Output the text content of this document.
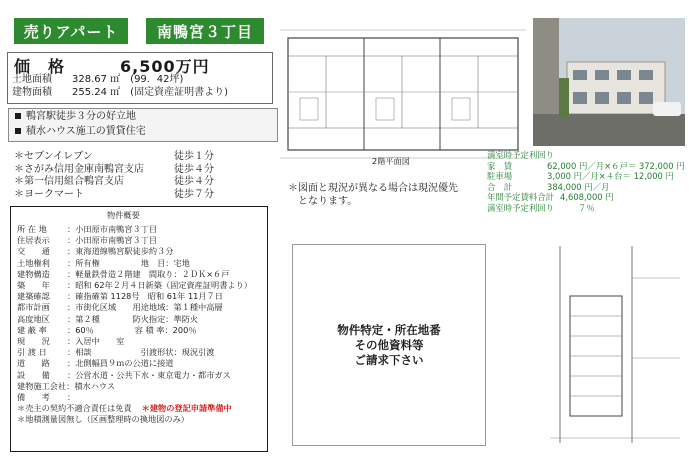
売りアパート	南鴨宮３丁目
価　格	6,500万円
土地面積 328.67 ㎡　(99．42坪)
建物面積 255.24 ㎡　(固定資産証明書より)
鴨宮駅徒歩３分の好立地
積水ハウス施工の賃貸住宅
＊セブンイレブン	徒歩１分
＊さがみ信用金庫南鴨宮支店	徒歩４分
＊第一信用組合鴨宮支店	徒歩４分
＊ヨークマート	徒歩７分
2階平面図
＊図面と現況が異なる場合は現況優先
となります。
満室時予定利回り
家　賃	62,000 円／月×６戸＝ 372,000 円
駐車場	3,000 円／月×４台＝ 12,000 円
合　計	384,000 円／月
年間予定賃料合計 4,608,000 円
満室時予定利回り	７％
物件概要
所 在 地	：小田原市南鴨宮３丁目
住居表示	：小田原市南鴨宮３丁目
交　　通	：東海道線鴨宮駅徒歩約３分
土地権利	：所有権　　　　　地　目：宅地
建物構造	：軽量鉄骨造２階建　間取り：２ＤＫ×６戸
築　　年	：昭和 62年２月４日新築（固定資産証明書より）
建築確認	：確指確第 1128号　昭和 61年 11月７日
都市計画	：市街化区域　　用途地域：第１種中高層
高度地区	：第２種　　　　防火指定：準防火
建 蔽 率	：60％　　　　　容 積 率：200％
現　　況	：入居中　　室
引 渡 日	：相談　　　　　　引渡形状：現況引渡
道　　路	：北側幅員９ｍの公道に接道
設　　備	：公営水道・公共下水・東京電力・都市ガス
建物施工会社 ：積水ハウス
備　　考	：
＊売主の契約不適合責任は免責 ＊建物の登記申請準備中
＊地積測量図無し（区画整理時の換地図のみ）
物件特定・所在地番
その他資料等
ご請求下さい
